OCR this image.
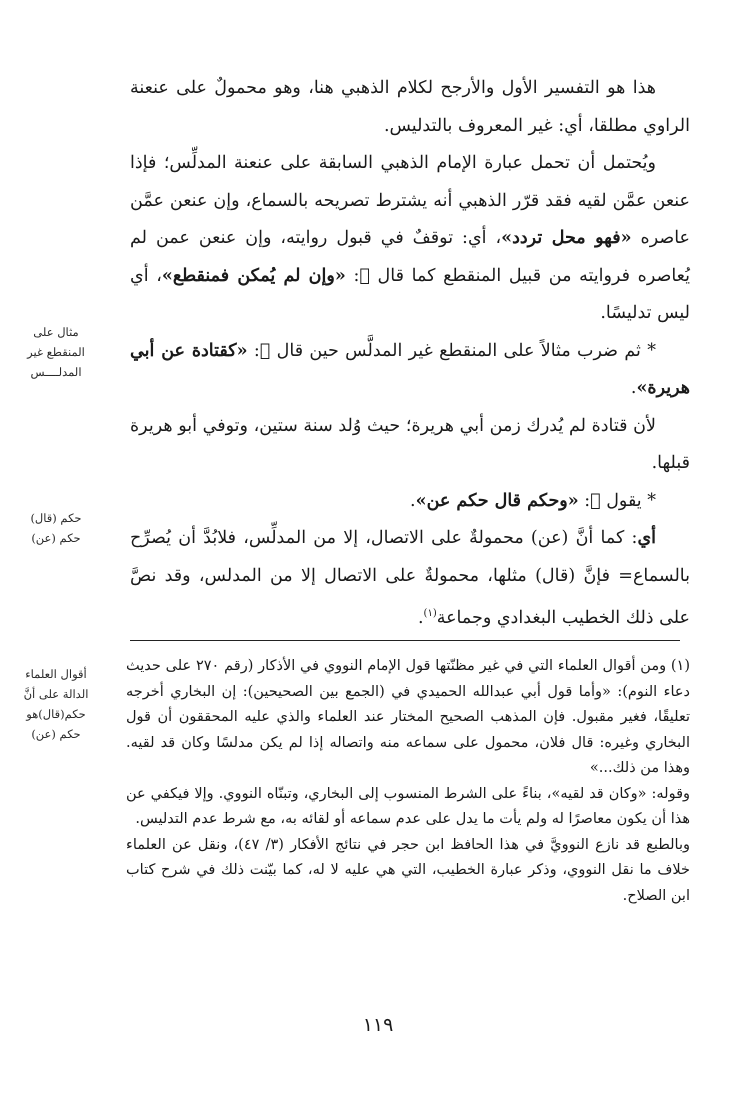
هذا هو التفسير الأول والأرجح لكلام الذهبي هنا، وهو محمولٌ على عنعنة الراوي مطلقا، أي: غير المعروف بالتدليس.

ويُحتمل أن تحمل عبارة الإمام الذهبي السابقة على عنعنة المدلِّس؛ فإذا عنعن عمَّن لقيه فقد قرّر الذهبي أنه يشترط تصريحه بالسماع، وإن عنعن عمَّن عاصره «فهو محل تردد»، أي: توقفٌ في قبول روايته، وإن عنعن عمن لم يُعاصره فروايته من قبيل المنقطع كما قال ﷬: «وإن لم يُمكن فمنقطع»، أي ليس تدليسًا.

* ثم ضرب مثالاً على المنقطع غير المدلَّس حين قال ﷬: «كقتادة عن أبي هريرة».

لأن قتادة لم يُدرك زمن أبي هريرة؛ حيث وُلد سنة ستين، وتوفي أبو هريرة قبلها.

* يقول ﷬: «وحكم قال حكم عن».

أي: كما أنَّ (عن) محمولةٌ على الاتصال، إلا من المدلِّس، فلابُدَّ أن يُصرِّح بالسماع= فإنَّ (قال) مثلها، محمولةٌ على الاتصال إلا من المدلس، وقد نصَّ على ذلك الخطيب البغدادي وجماعة$^{(١)}$.

مثال على المنقطع غير المدلــــس
حكم (قال)
حكم (عن)
أقوال العلماء الدالة على أنَّ حكم(قال)هو حكم (عن)

(١) ومن أقوال العلماء التي في غير مظنّتها قول الإمام النووي في الأذكار (رقم ٢٧٠ على حديث دعاء النوم): «وأما قول أبي عبدالله الحميدي في (الجمع بين الصحيحين): إن البخاري أخرجه تعليقًا، فغير مقبول. فإن المذهب الصحيح المختار عند العلماء والذي عليه المحققون أن قول البخاري وغيره: قال فلان، محمول على سماعه منه واتصاله إذا لم يكن مدلسًا وكان قد لقيه. وهذا من ذلك...»

وقوله: «وكان قد لقيه»، بناءً على الشرط المنسوب إلى البخاري، وتبنّاه النووي. وإلا فيكفي عن هذا أن يكون معاصرًا له ولم يأت ما يدل على عدم سماعه أو لقائه به، مع شرط عدم التدليس.

وبالطبع قد نازع النوويَّ في هذا الحافظ ابن حجر في نتائج الأفكار (٣/ ٤٧)، ونقل عن العلماء خلاف ما نقل النووي، وذكر عبارة الخطيب، التي هي عليه لا له، كما بيّنت ذلك في شرح كتاب ابن الصلاح.

١١٩
